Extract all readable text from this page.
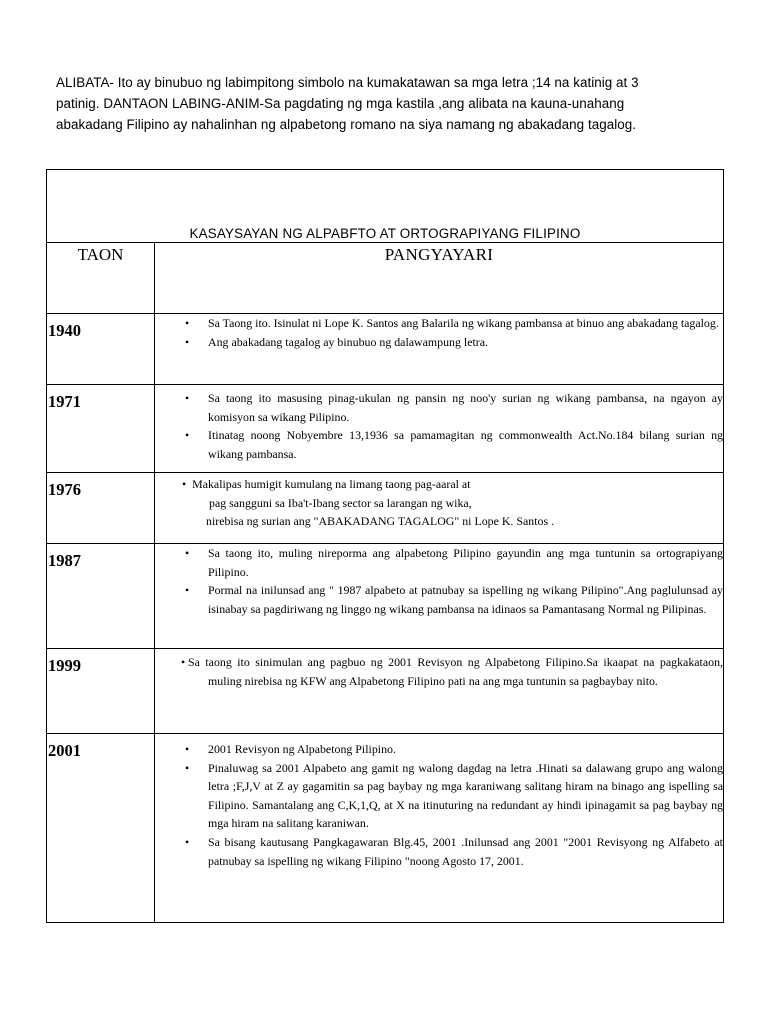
ALIBATA- Ito ay binubuo ng labimpitong simbolo na kumakatawan sa mga letra ;14 na katinig at 3

patinig. DANTAON LABING-ANIM-Sa pagdating ng mga kastila ,ang alibata na kauna-unahang

abakadang Filipino ay nahalinhan ng alpabetong romano na siya namang ng abakadang tagalog.

KASAYSAYAN NG ALPABFTO AT ORTOGRAPIYANG FILIPINO
TAON	PANGYAYARI
1940	• Sa Taong ito. Isinulat ni Lope K. Santos ang Balarila ng wikang pambansa at binuo ang abakadang tagalog.
• Ang abakadang tagalog ay binubuo ng dalawampung letra.
1971	• Sa taong ito masusing pinag-ukulan ng pansin ng noo'y surian ng wikang pambansa, na ngayon ay komisyon sa wikang Pilipino.
• Itinatag noong Nobyembre 13,1936 sa pamamagitan ng commonwealth Act.No.184 bilang surian ng wikang pambansa.
1976	• Makalipas humigit kumulang na limang taong pag-aaral at
pag sangguni sa Iba't-Ibang sector sa larangan ng wika,
nirebisa ng surian ang "ABAKADANG TAGALOG" ni Lope K. Santos .
1987	• Sa taong ito, muling nireporma ang alpabetong Pilipino gayundin ang mga tuntunin sa ortograpiyang Pilipino.
• Pormal na inilunsad ang " 1987 alpabeto at patnubay sa ispelling ng wikang Pilipino".Ang paglulunsad ay isinabay sa pagdiriwang ng linggo ng wikang pambansa na idinaos sa Pamantasang Normal ng Pilipinas.
1999	• Sa taong ito sinimulan ang pagbuo ng 2001 Revisyon ng Alpabetong Filipino.Sa ikaapat na pagkakataon, muling nirebisa ng KFW ang Alpabetong Filipino pati na ang mga tuntunin sa pagbaybay nito.
2001	• 2001 Revisyon ng Alpabetong Pilipino.
• Pinaluwag sa 2001 Alpabeto ang gamit ng walong dagdag na letra .Hinati sa dalawang grupo ang walong letra ;F,J,V at Z ay gagamitin sa pag baybay ng mga karaniwang salitang hiram na binago ang ispelling sa Filipino. Samantalang ang C,K,1,Q, at X na itinuturing na redundant ay hindi ipinagamit sa pag baybay ng mga hiram na salitang karaniwan.
• Sa bisang kautusang Pangkagawaran Blg.45, 2001 .Inilunsad ang 2001 "2001 Revisyong ng Alfabeto at patnubay sa ispelling ng wikang Filipino "noong Agosto 17, 2001.
